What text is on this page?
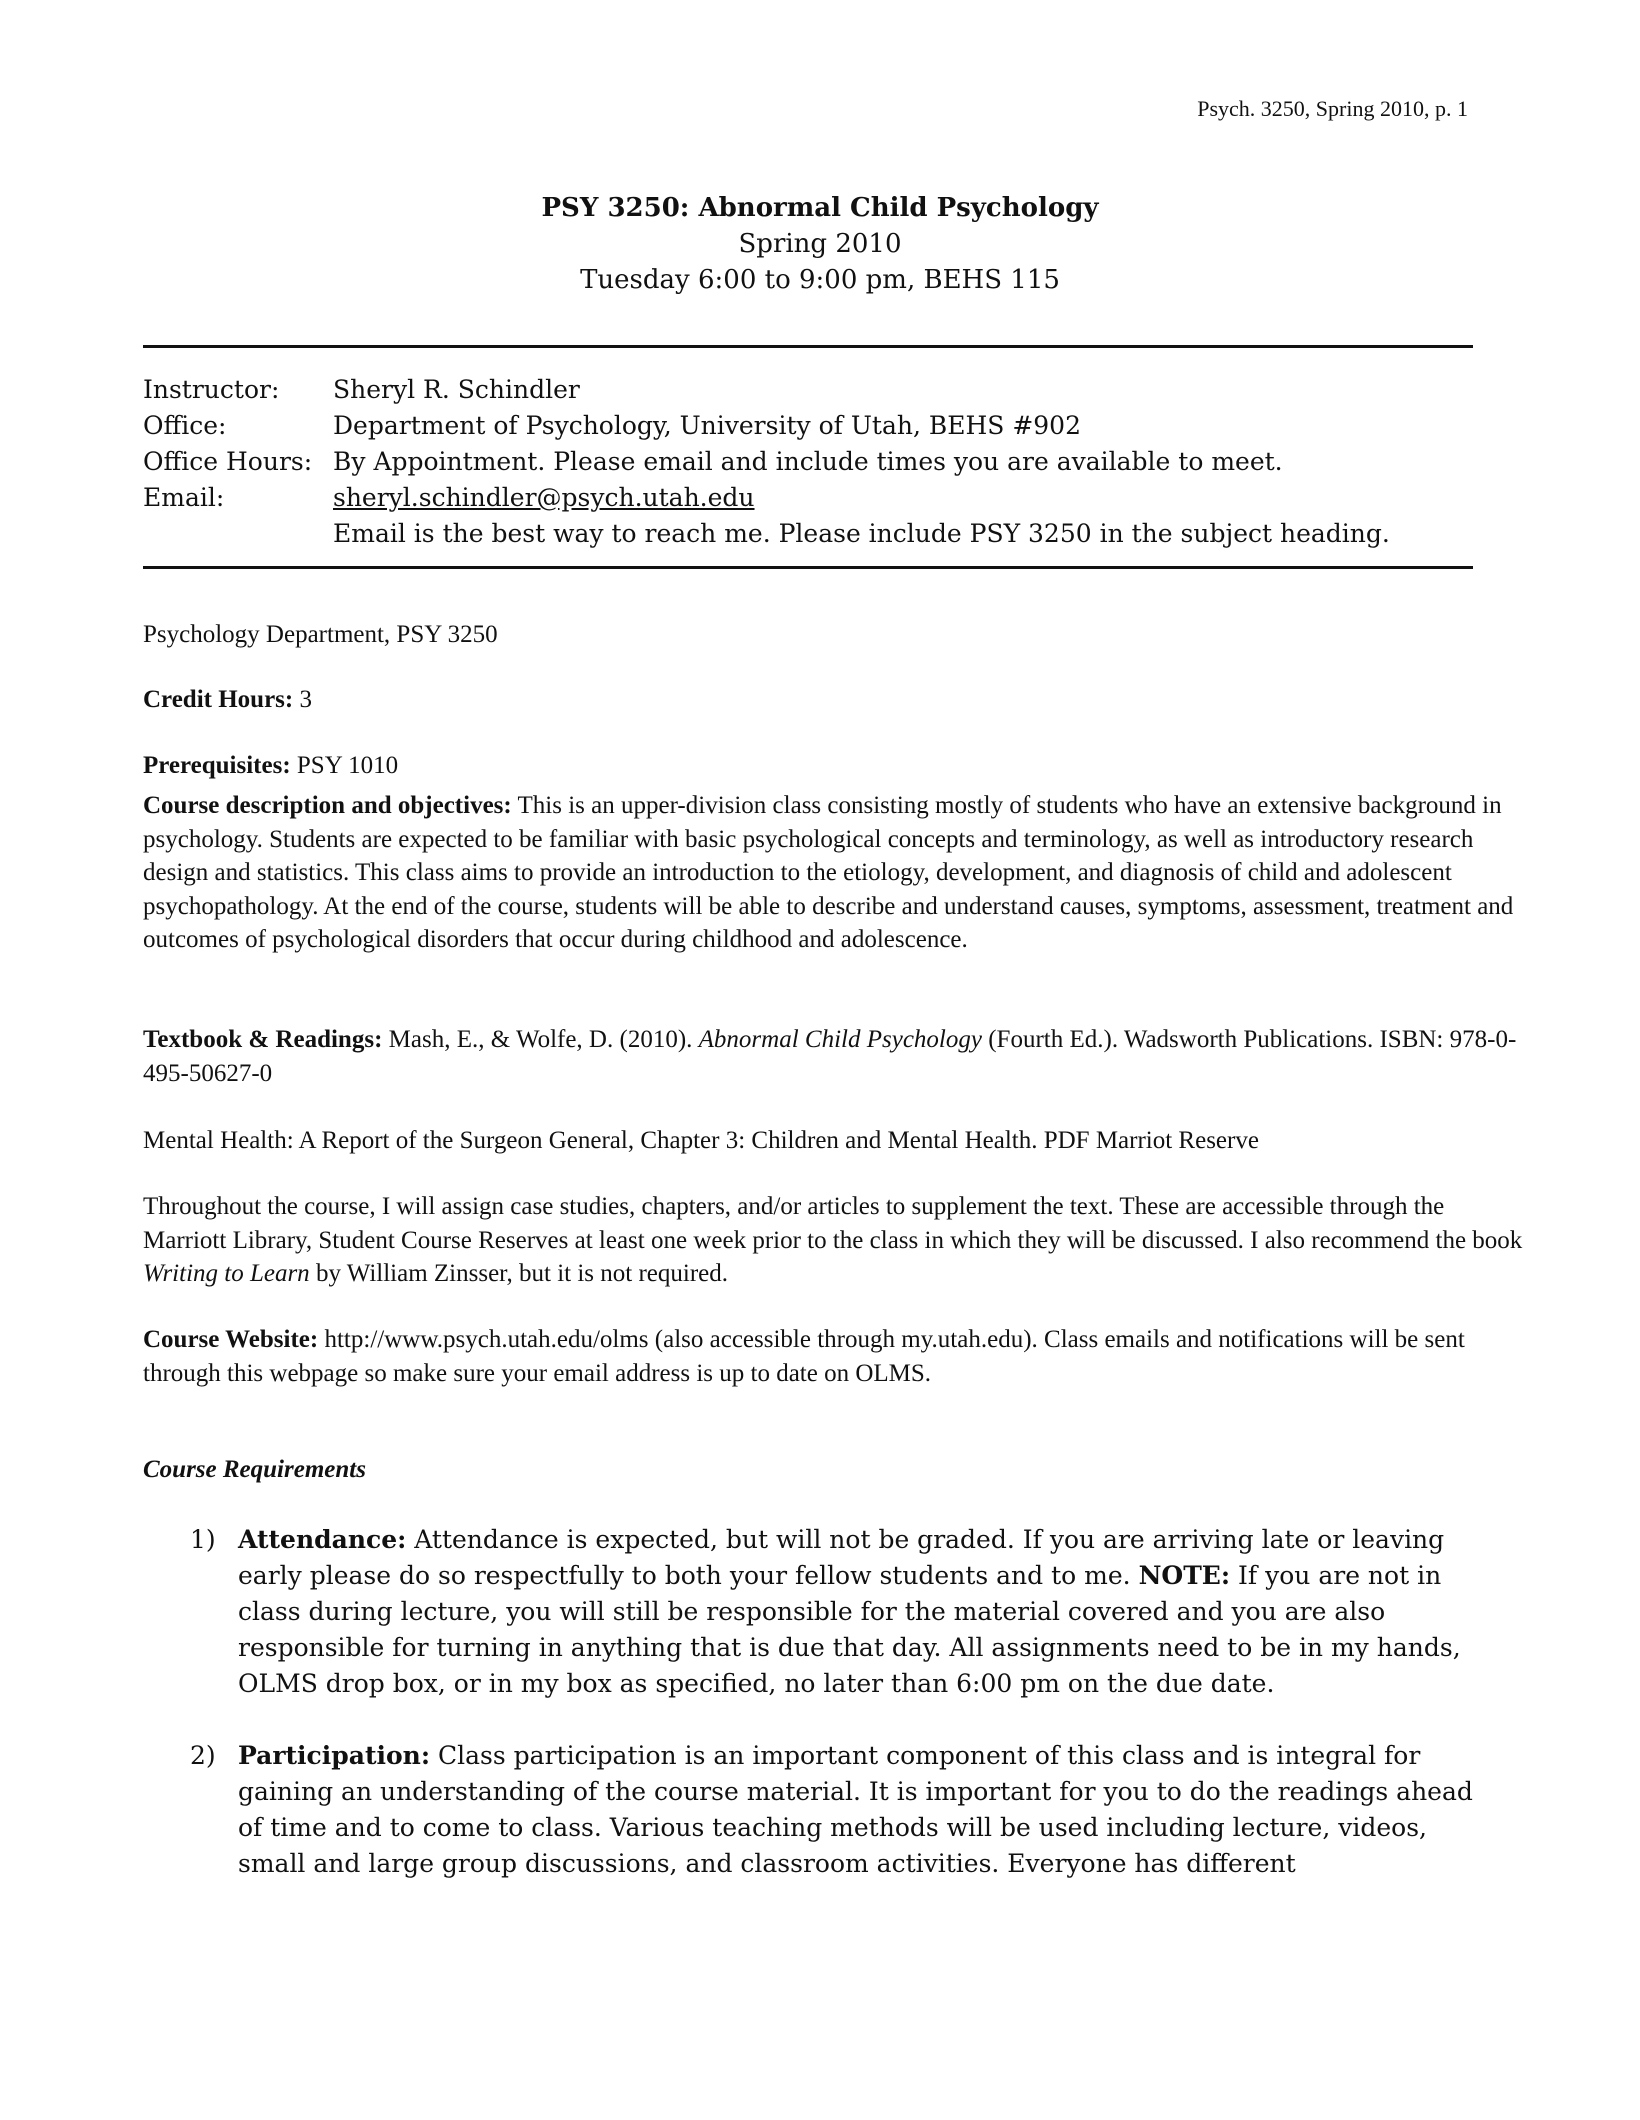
Psych. 3250, Spring 2010, p. 1
PSY 3250: Abnormal Child Psychology
Spring 2010
Tuesday 6:00 to 9:00 pm, BEHS 115
Instructor:	Sheryl R. Schindler
Office:	Department of Psychology, University of Utah, BEHS #902
Office Hours: By Appointment. Please email and include times you are available to meet.
Email:	sheryl.schindler@psych.utah.edu
Email is the best way to reach me. Please include PSY 3250 in the subject heading.
Psychology Department, PSY 3250
Credit Hours: 3
Prerequisites: PSY 1010
Course description and objectives: This is an upper-division class consisting mostly of students who have an extensive background in psychology. Students are expected to be familiar with basic psychological concepts and terminology, as well as introductory research design and statistics. This class aims to provide an introduction to the etiology, development, and diagnosis of child and adolescent psychopathology. At the end of the course, students will be able to describe and understand causes, symptoms, assessment, treatment and outcomes of psychological disorders that occur during childhood and adolescence.
Textbook & Readings: Mash, E., & Wolfe, D. (2010). Abnormal Child Psychology (Fourth Ed.). Wadsworth Publications. ISBN: 978-0-495-50627-0
Mental Health: A Report of the Surgeon General, Chapter 3: Children and Mental Health. PDF Marriot Reserve
Throughout the course, I will assign case studies, chapters, and/or articles to supplement the text. These are accessible through the Marriott Library, Student Course Reserves at least one week prior to the class in which they will be discussed. I also recommend the book Writing to Learn by William Zinsser, but it is not required.
Course Website: http://www.psych.utah.edu/olms (also accessible through my.utah.edu). Class emails and notifications will be sent through this webpage so make sure your email address is up to date on OLMS.
Course Requirements
1) Attendance: Attendance is expected, but will not be graded. If you are arriving late or leaving early please do so respectfully to both your fellow students and to me. NOTE: If you are not in class during lecture, you will still be responsible for the material covered and you are also responsible for turning in anything that is due that day. All assignments need to be in my hands, OLMS drop box, or in my box as specified, no later than 6:00 pm on the due date.
2) Participation: Class participation is an important component of this class and is integral for gaining an understanding of the course material. It is important for you to do the readings ahead of time and to come to class. Various teaching methods will be used including lecture, videos, small and large group discussions, and classroom activities. Everyone has different
